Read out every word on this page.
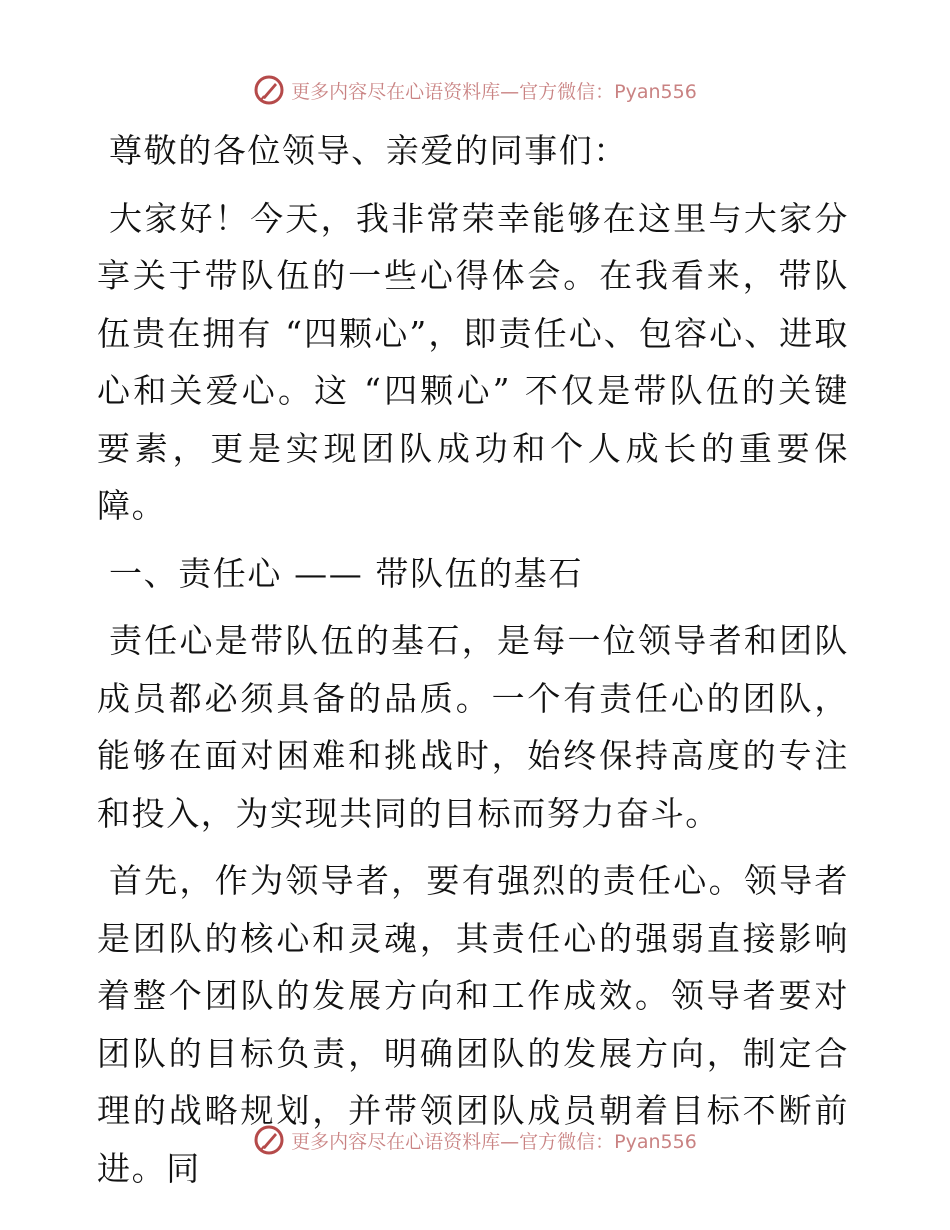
更多内容尽在心语资料库—官方微信：Pyan556

尊敬的各位领导、亲爱的同事们：

大家好！今天，我非常荣幸能够在这里与大家分享关于带队伍的一些心得体会。在我看来，带队伍贵在拥有 “四颗心”，即责任心、包容心、进取心和关爱心。这 “四颗心” 不仅是带队伍的关键要素，更是实现团队成功和个人成长的重要保障。

一、责任心 —— 带队伍的基石

责任心是带队伍的基石，是每一位领导者和团队成员都必须具备的品质。一个有责任心的团队，能够在面对困难和挑战时，始终保持高度的专注和投入，为实现共同的目标而努力奋斗。

首先，作为领导者，要有强烈的责任心。领导者是团队的核心和灵魂，其责任心的强弱直接影响着整个团队的发展方向和工作成效。领导者要对团队的目标负责，明确团队的发展方向，制定合理的战略规划，并带领团队成员朝着目标不断前进。同

更多内容尽在心语资料库—官方微信：Pyan556
